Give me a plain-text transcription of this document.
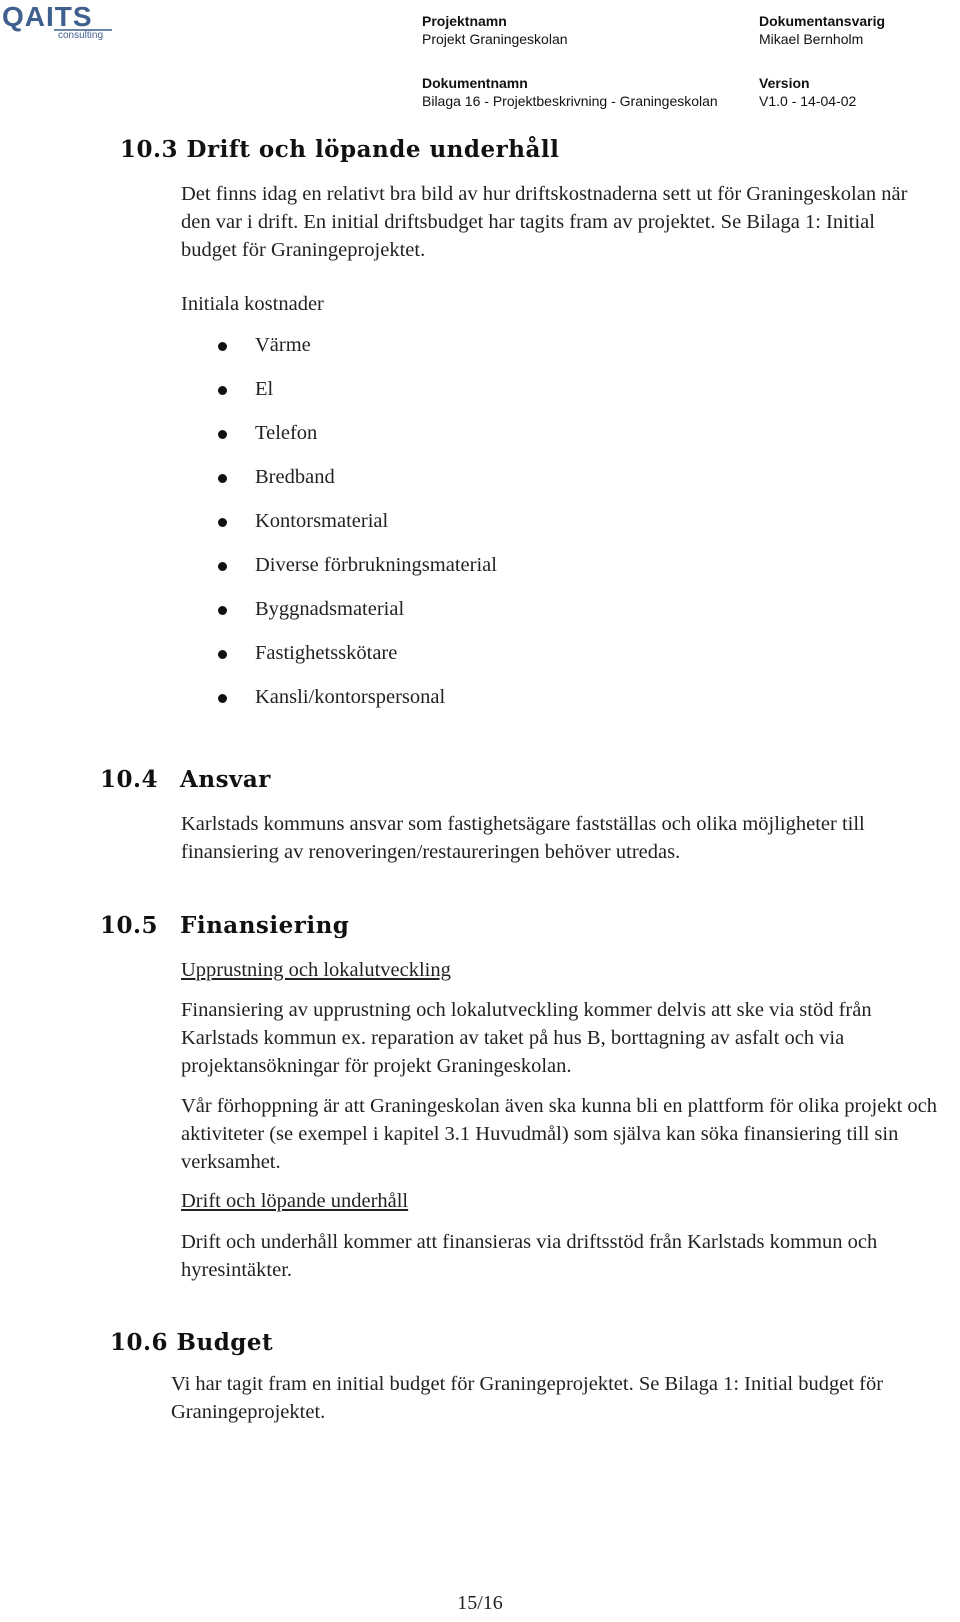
QAITS
consulting
Projektnamn
Projekt Graningeskolan
Dokumentansvarig
Mikael Bernholm
Dokumentnamn
Bilaga 16 - Projektbeskrivning - Graningeskolan
Version
V1.0 - 14-04-02
10.3 Drift och löpande underhåll

Det finns idag en relativt bra bild av hur driftskostnaderna sett ut för Graningeskolan när den var i drift. En initial driftsbudget har tagits fram av projektet. Se Bilaga 1: Initial budget för Graningeprojektet.

Initiala kostnader

Värme
El
Telefon
Bredband
Kontorsmaterial
Diverse förbrukningsmaterial
Byggnadsmaterial
Fastighetsskötare
Kansli/kontorspersonal
10.4 Ansvar

Karlstads kommuns ansvar som fastighetsägare fastställas och olika möjligheter till finansiering av renoveringen/restaureringen behöver utredas.

10.5 Finansiering

Upprustning och lokalutveckling

Finansiering av upprustning och lokalutveckling kommer delvis att ske via stöd från Karlstads kommun ex. reparation av taket på hus B, borttagning av asfalt och via projektansökningar för projekt Graningeskolan.

Vår förhoppning är att Graningeskolan även ska kunna bli en plattform för olika projekt och aktiviteter (se exempel i kapitel 3.1 Huvudmål) som själva kan söka finansiering till sin verksamhet.

Drift och löpande underhåll

Drift och underhåll kommer att finansieras via driftsstöd från Karlstads kommun och hyresintäkter.

10.6 Budget

Vi har tagit fram en initial budget för Graningeprojektet. Se Bilaga 1: Initial budget för Graningeprojektet.

15/16
